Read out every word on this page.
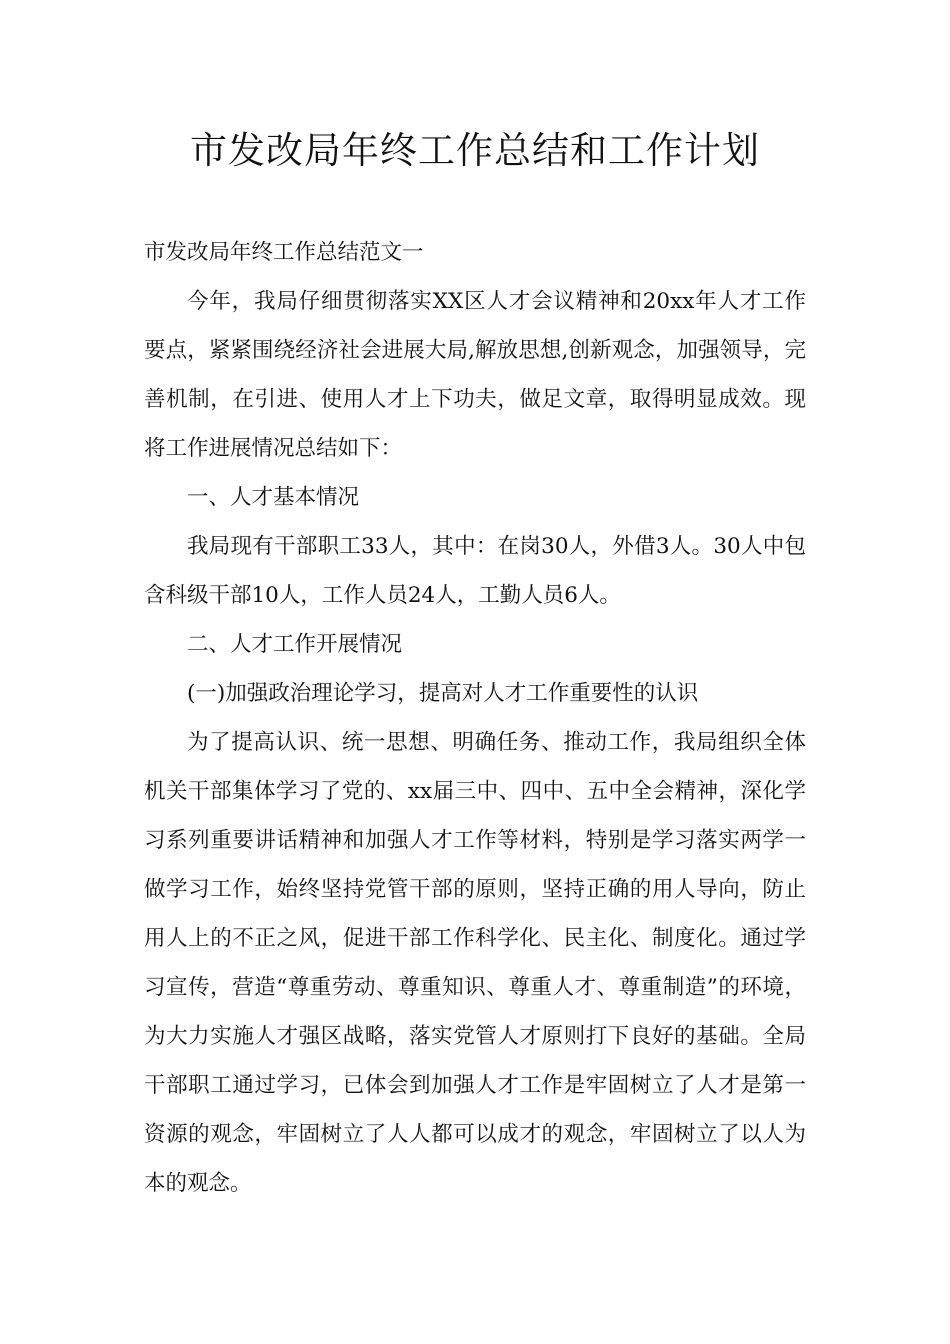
市发改局年终工作总结和工作计划

市发改局年终工作总结范文一

今年，我局仔细贯彻落实XX区人才会议精神和20xx年人才工作要点，紧紧围绕经济社会进展大局,解放思想,创新观念，加强领导，完善机制，在引进、使用人才上下功夫，做足文章，取得明显成效。现将工作进展情况总结如下：

一、人才基本情况

我局现有干部职工33人，其中：在岗30人，外借3人。30人中包含科级干部10人，工作人员24人，工勤人员6人。

二、人才工作开展情况

(一)加强政治理论学习，提高对人才工作重要性的认识

为了提高认识、统一思想、明确任务、推动工作，我局组织全体机关干部集体学习了党的、xx届三中、四中、五中全会精神，深化学习系列重要讲话精神和加强人才工作等材料，特别是学习落实两学一做学习工作，始终坚持党管干部的原则，坚持正确的用人导向，防止用人上的不正之风，促进干部工作科学化、民主化、制度化。通过学习宣传，营造“尊重劳动、尊重知识、尊重人才、尊重制造”的环境，为大力实施人才强区战略，落实党管人才原则打下良好的基础。全局干部职工通过学习，已体会到加强人才工作是牢固树立了人才是第一资源的观念，牢固树立了人人都可以成才的观念，牢固树立了以人为本的观念。
